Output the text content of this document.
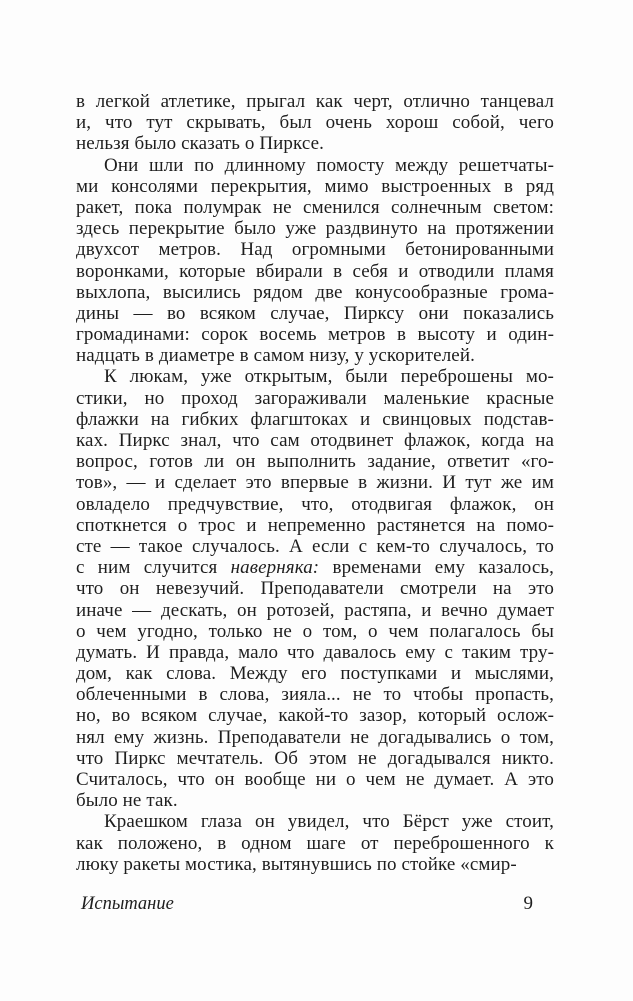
в легкой атлетике, прыгал как черт, отлично танцевал
и, что тут скрывать, был очень хорош собой, чего
нельзя было сказать о Пирксе.
Они шли по длинному помосту между решетчаты-
ми консолями перекрытия, мимо выстроенных в ряд
ракет, пока полумрак не сменился солнечным светом:
здесь перекрытие было уже раздвинуто на протяжении
двухсот метров. Над огромными бетонированными
воронками, которые вбирали в себя и отводили пламя
выхлопа, высились рядом две конусообразные грома-
дины — во всяком случае, Пирксу они показались
громадинами: сорок восемь метров в высоту и один-
надцать в диаметре в самом низу, у ускорителей.
К люкам, уже открытым, были переброшены мо-
стики, но проход загораживали маленькие красные
флажки на гибких флагштоках и свинцовых подстав-
ках. Пиркс знал, что сам отодвинет флажок, когда на
вопрос, готов ли он выполнить задание, ответит «го-
тов», — и сделает это впервые в жизни. И тут же им
овладело предчувствие, что, отодвигая флажок, он
споткнется о трос и непременно растянется на помо-
сте — такое случалось. А если с кем-то случалось, то
с ним случится наверняка: временами ему казалось,
что он невезучий. Преподаватели смотрели на это
иначе — дескать, он ротозей, растяпа, и вечно думает
о чем угодно, только не о том, о чем полагалось бы
думать. И правда, мало что давалось ему с таким тру-
дом, как слова. Между его поступками и мыслями,
облеченными в слова, зияла... не то чтобы пропасть,
но, во всяком случае, какой-то зазор, который ослож-
нял ему жизнь. Преподаватели не догадывались о том,
что Пиркс мечтатель. Об этом не догадывался никто.
Считалось, что он вообще ни о чем не думает. А это
было не так.
Краешком глаза он увидел, что Бёрст уже стоит,
как положено, в одном шаге от переброшенного к
люку ракеты мостика, вытянувшись по стойке «смир-
Испытание	9
